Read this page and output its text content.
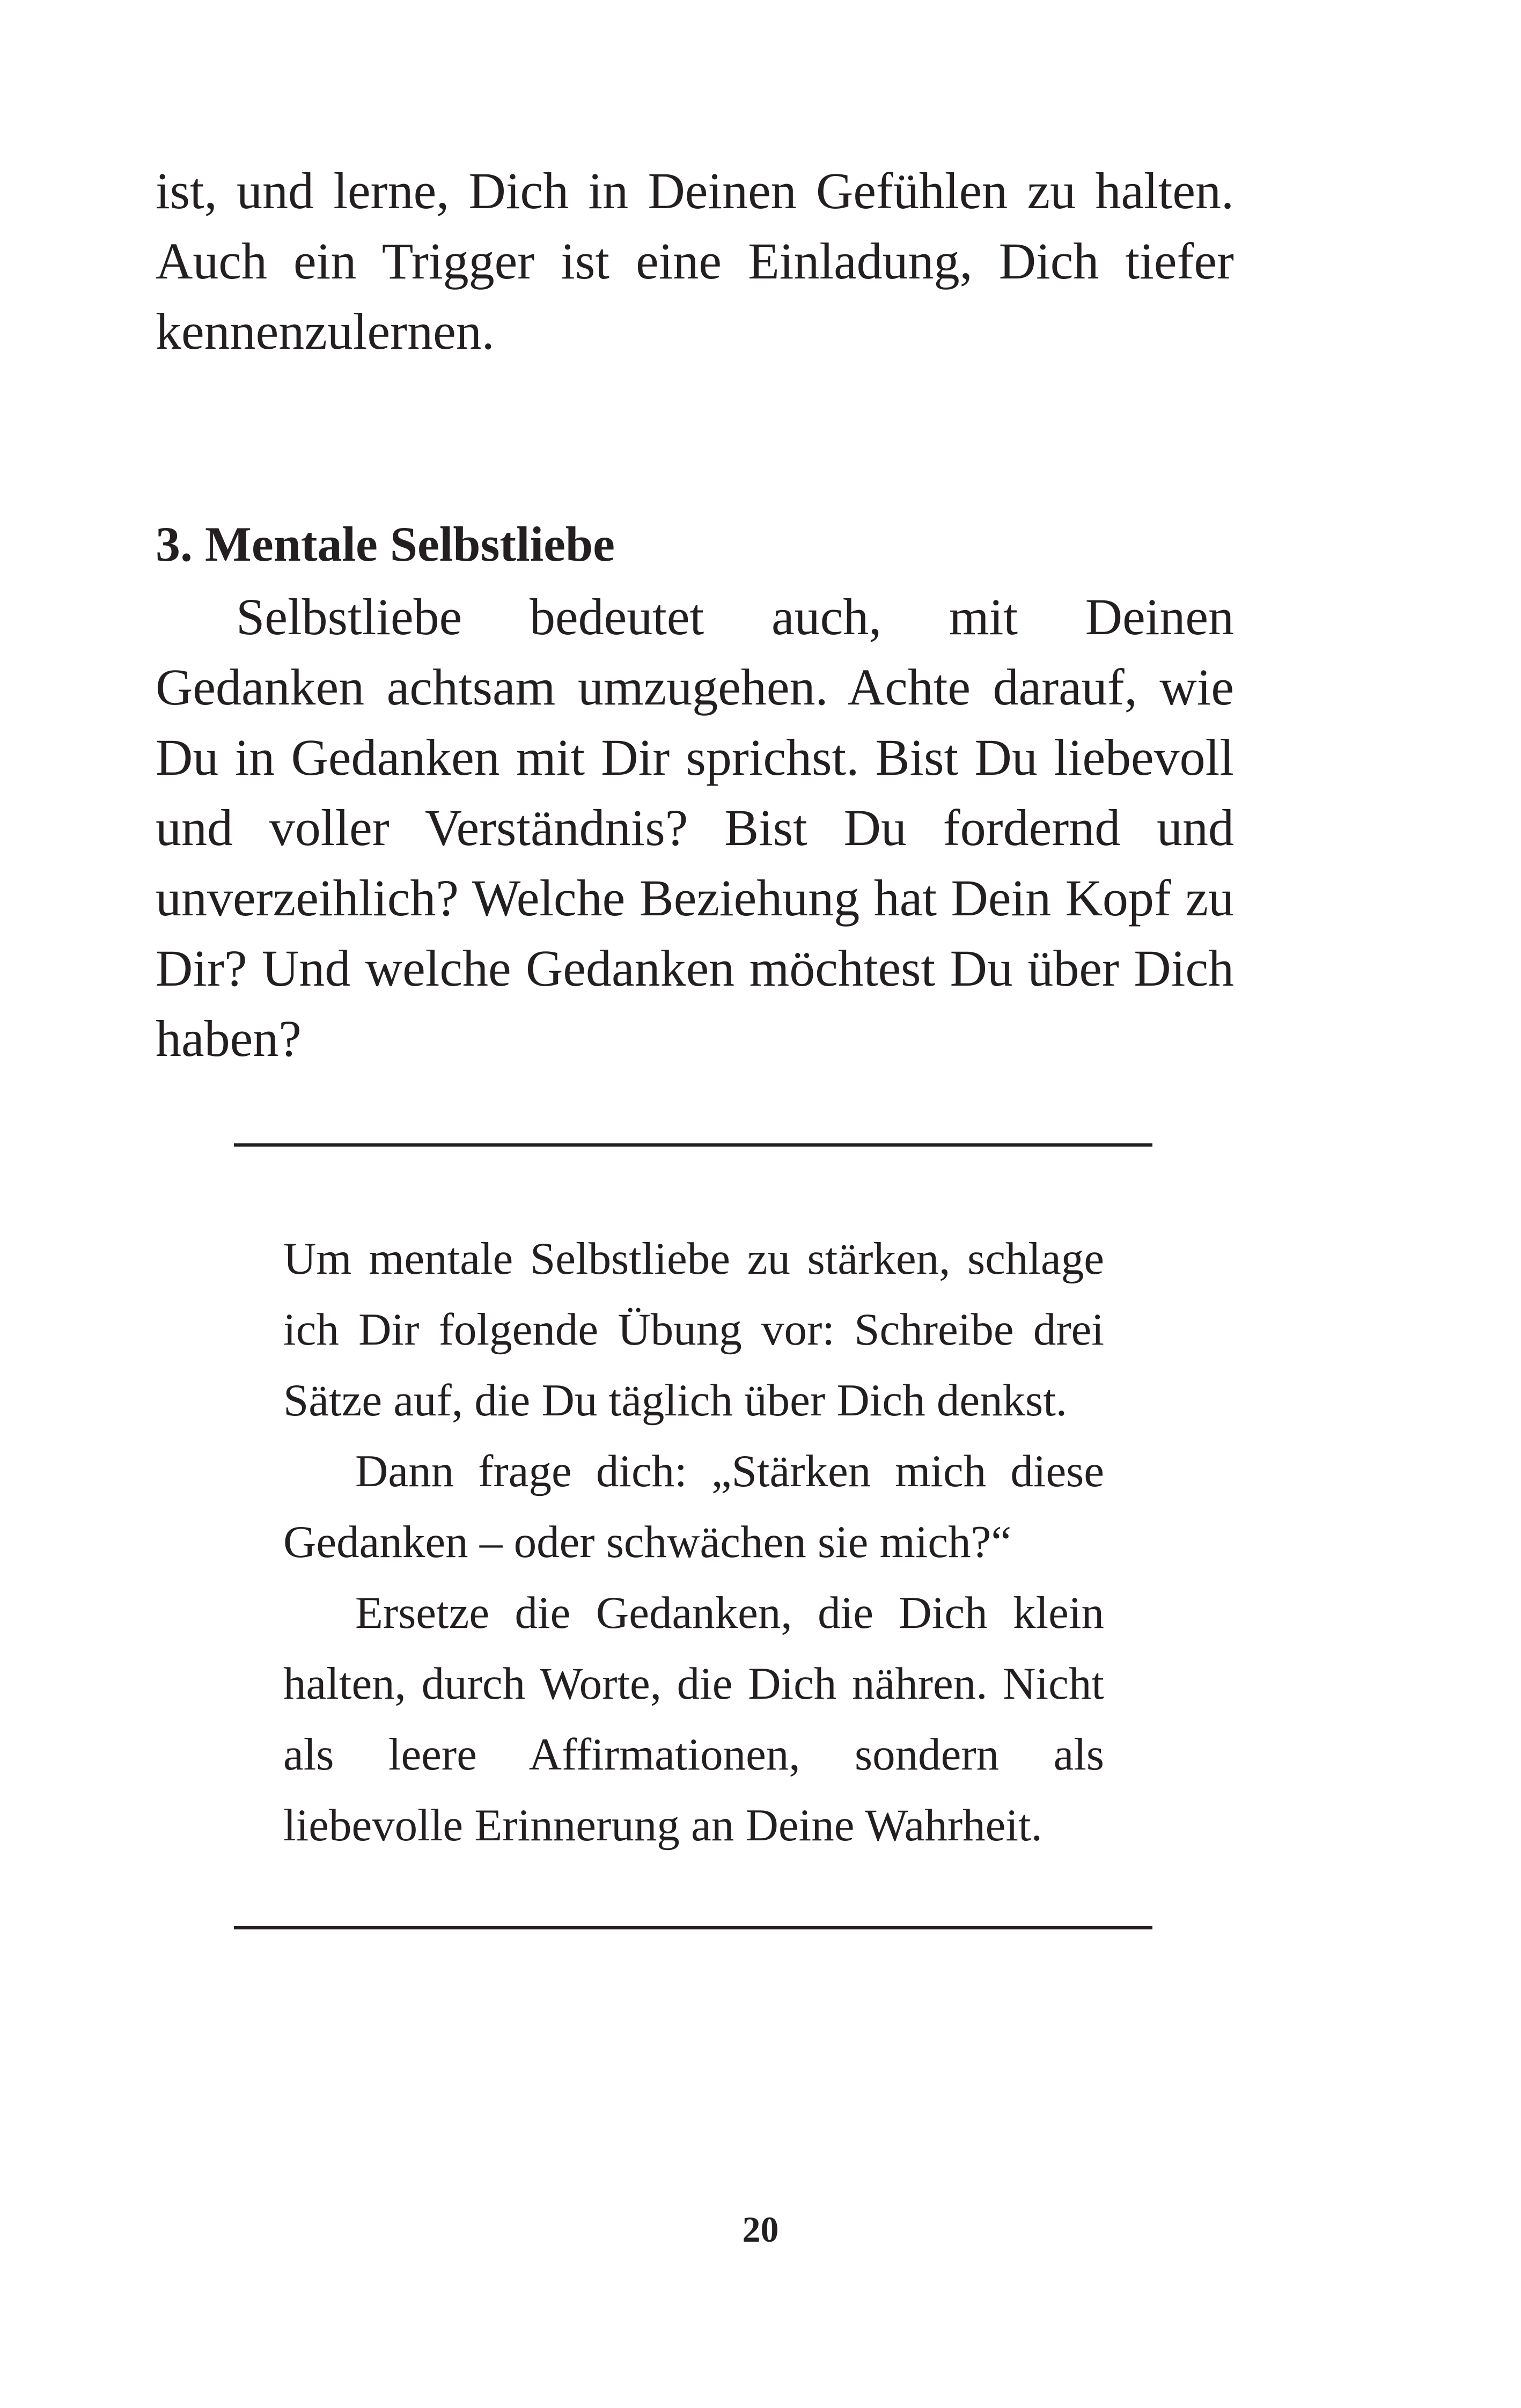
ist, und lerne, Dich in Deinen Gefühlen zu halten. Auch ein Trigger ist eine Einladung, Dich tiefer kennenzulernen.

3. Mentale Selbstliebe

Selbstliebe bedeutet auch, mit Deinen Gedanken achtsam umzugehen. Achte darauf, wie Du in Gedanken mit Dir sprichst. Bist Du liebevoll und voller Verständnis? Bist Du fordernd und unverzeihlich? Welche Beziehung hat Dein Kopf zu Dir? Und welche Gedanken möchtest Du über Dich haben?

Um mentale Selbstliebe zu stärken, schlage ich Dir folgende Übung vor: Schreibe drei Sätze auf, die Du täglich über Dich denkst.

Dann frage dich: „Stärken mich diese Gedanken – oder schwächen sie mich?“

Ersetze die Gedanken, die Dich klein halten, durch Worte, die Dich nähren. Nicht als leere Affirmationen, sondern als liebevolle Erinnerung an Deine Wahrheit.

20
